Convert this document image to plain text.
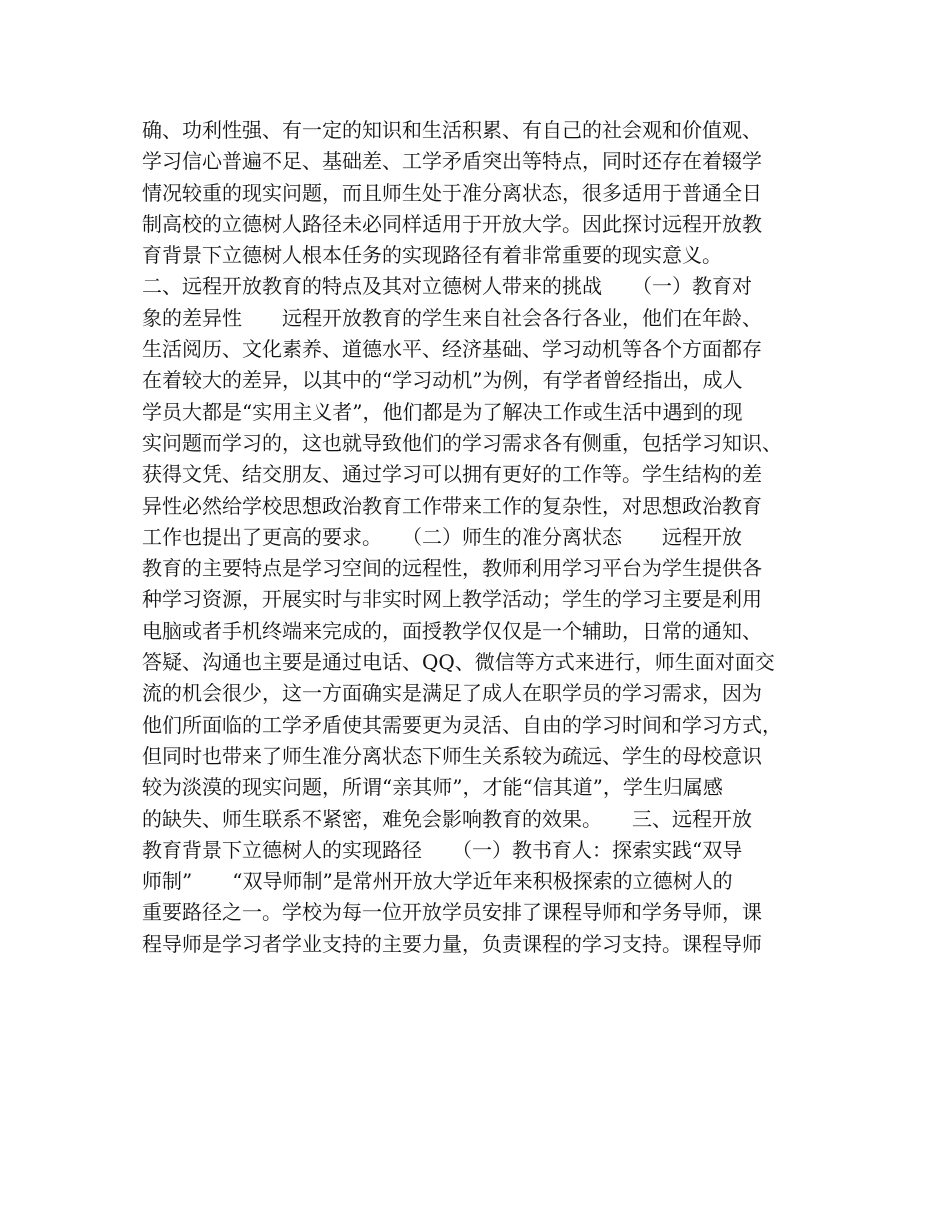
确、功利性强、有一定的知识和生活积累、有自己的社会观和价值观、
学习信心普遍不足、基础差、工学矛盾突出等特点，同时还存在着辍学
情况较重的现实问题，而且师生处于准分离状态，很多适用于普通全日
制高校的立德树人路径未必同样适用于开放大学。因此探讨远程开放教
育背景下立德树人根本任务的实现路径有着非常重要的现实意义。
二、远程开放教育的特点及其对立德树人带来的挑战　　（一）教育对
象的差异性　　远程开放教育的学生来自社会各行各业，他们在年龄、
生活阅历、文化素养、道德水平、经济基础、学习动机等各个方面都存
在着较大的差异，以其中的“学习动机”为例，有学者曾经指出，成人
学员大都是“实用主义者”，他们都是为了解决工作或生活中遇到的现
实问题而学习的，这也就导致他们的学习需求各有侧重，包括学习知识、
获得文凭、结交朋友、通过学习可以拥有更好的工作等。学生结构的差
异性必然给学校思想政治教育工作带来工作的复杂性，对思想政治教育
工作也提出了更高的要求。　　（二）师生的准分离状态　　远程开放
教育的主要特点是学习空间的远程性，教师利用学习平台为学生提供各
种学习资源，开展实时与非实时网上教学活动；学生的学习主要是利用
电脑或者手机终端来完成的，面授教学仅仅是一个辅助，日常的通知、
答疑、沟通也主要是通过电话、QQ、微信等方式来进行，师生面对面交
流的机会很少，这一方面确实是满足了成人在职学员的学习需求，因为
他们所面临的工学矛盾使其需要更为灵活、自由的学习时间和学习方式，
但同时也带来了师生准分离状态下师生关系较为疏远、学生的母校意识
较为淡漠的现实问题，所谓“亲其师”，才能“信其道”，学生归属感
的缺失、师生联系不紧密，难免会影响教育的效果。　　三、远程开放
教育背景下立德树人的实现路径　　（一）教书育人：探索实践“双导
师制”　　“双导师制”是常州开放大学近年来积极探索的立德树人的
重要路径之一。学校为每一位开放学员安排了课程导师和学务导师，课
程导师是学习者学业支持的主要力量，负责课程的学习支持。课程导师
